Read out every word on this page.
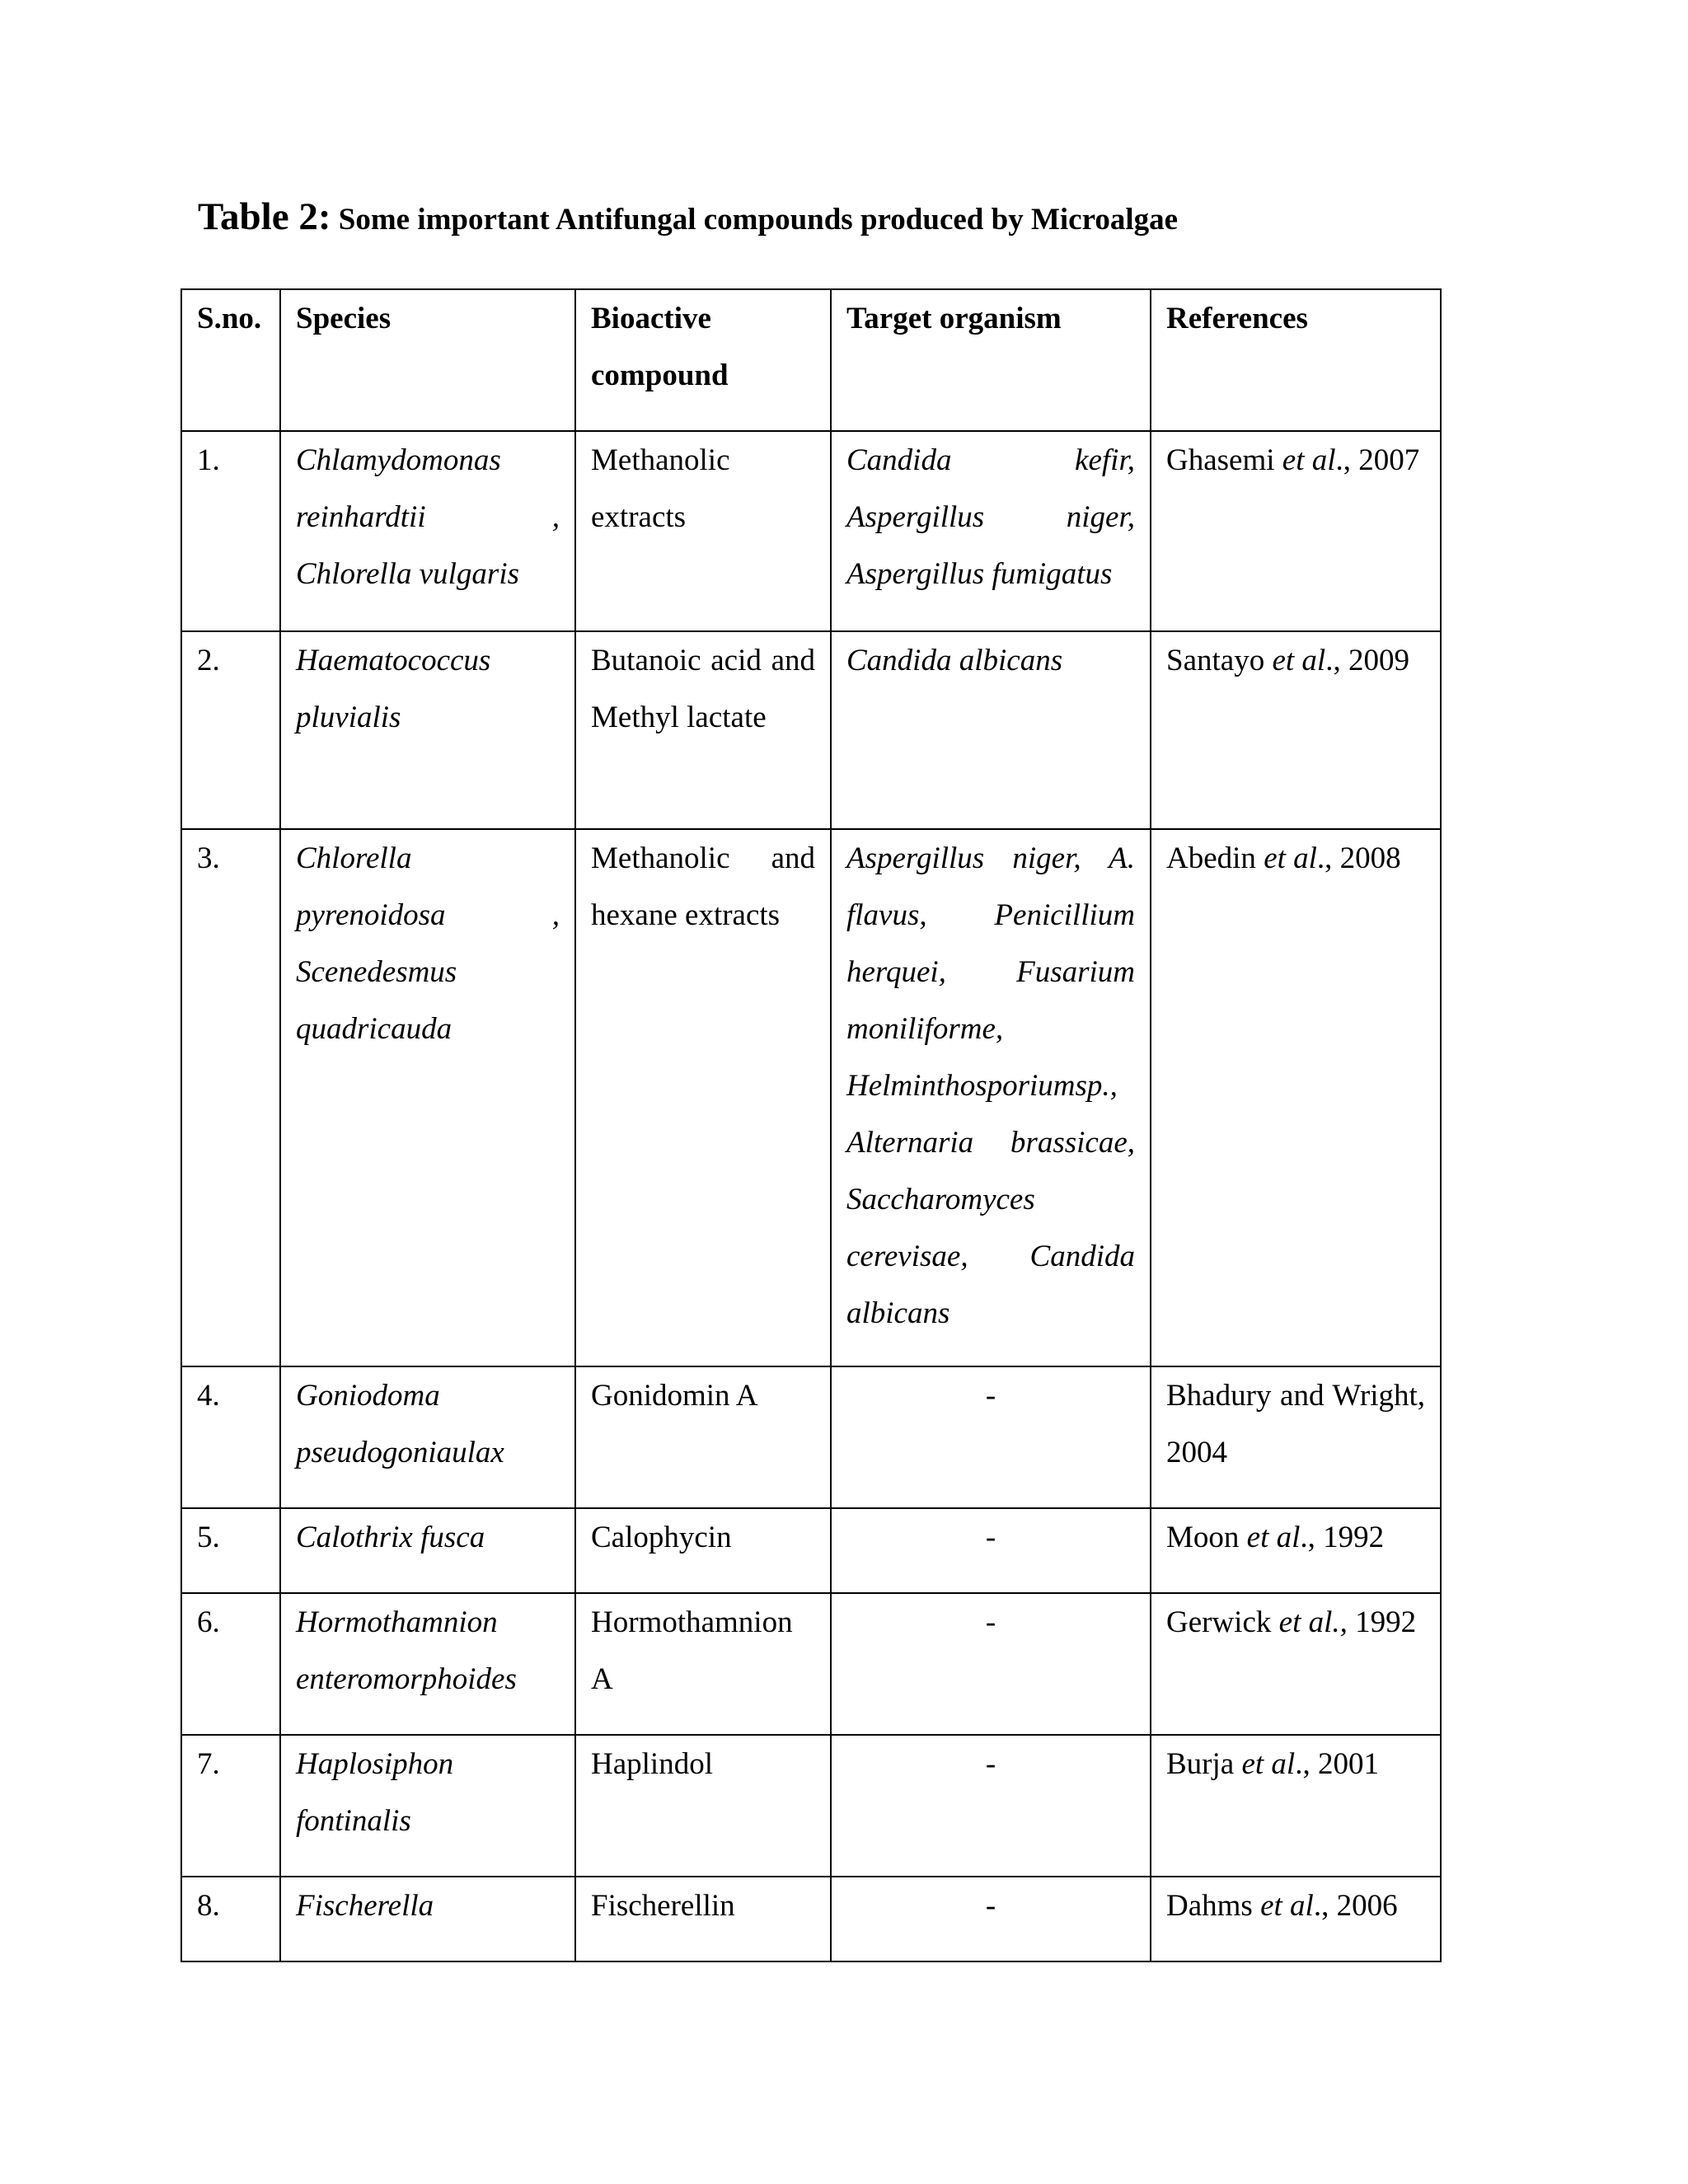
Table 2: Some important Antifungal compounds produced by Microalgae
S.no.	Species	Bioactive compound	Target organism	References
1.	Chlamydomonas reinhardtii , Chlorella vulgaris	Methanolic extracts	Candida kefir, Aspergillus niger, Aspergillus fumigatus	Ghasemi et al., 2007
2.	Haematococcus pluvialis	Butanoic acid and Methyl lactate	Candida albicans	Santayo et al., 2009
3.	Chlorella pyrenoidosa , Scenedesmus quadricauda	Methanolic and hexane extracts	Aspergillus niger, A. flavus, Penicillium herquei, Fusarium moniliforme, Helminthosporiumsp., Alternaria brassicae, Saccharomyces cerevisae, Candida albicans	Abedin et al., 2008
4.	Goniodoma pseudogoniaulax	Gonidomin A	-	Bhadury and Wright, 2004
5.	Calothrix fusca	Calophycin	-	Moon et al., 1992
6.	Hormothamnion enteromorphoides	Hormothamnion A	-	Gerwick et al., 1992
7.	Haplosiphon fontinalis	Haplindol	-	Burja et al., 2001
8.	Fischerella	Fischerellin	-	Dahms et al., 2006
